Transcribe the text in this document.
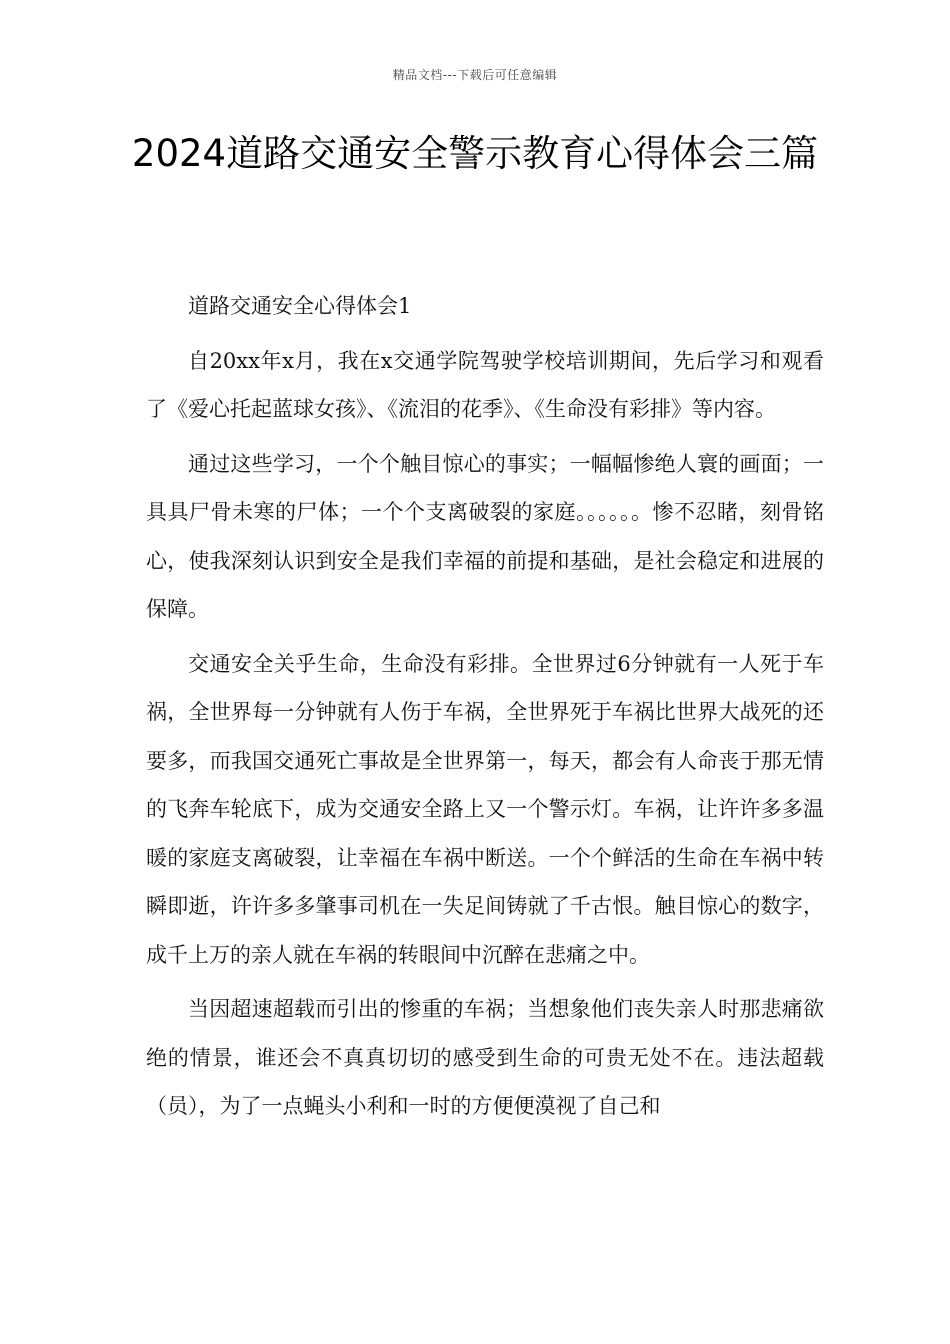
精品文档---下载后可任意编辑
2024道路交通安全警示教育心得体会三篇

道路交通安全心得体会1

自20xx年x月，我在x交通学院驾驶学校培训期间，先后学习和观看了《爱心托起蓝球女孩》、《流泪的花季》、《生命没有彩排》等内容。

通过这些学习，一个个触目惊心的事实；一幅幅惨绝人寰的画面；一具具尸骨未寒的尸体；一个个支离破裂的家庭。。。。。。惨不忍睹，刻骨铭心，使我深刻认识到安全是我们幸福的前提和基础，是社会稳定和进展的保障。

交通安全关乎生命，生命没有彩排。全世界过6分钟就有一人死于车祸，全世界每一分钟就有人伤于车祸，全世界死于车祸比世界大战死的还要多，而我国交通死亡事故是全世界第一，每天，都会有人命丧于那无情的飞奔车轮底下，成为交通安全路上又一个警示灯。车祸，让许许多多温暖的家庭支离破裂，让幸福在车祸中断送。一个个鲜活的生命在车祸中转瞬即逝，许许多多肇事司机在一失足间铸就了千古恨。触目惊心的数字，成千上万的亲人就在车祸的转眼间中沉醉在悲痛之中。

当因超速超载而引出的惨重的车祸；当想象他们丧失亲人时那悲痛欲绝的情景，谁还会不真真切切的感受到生命的可贵无处不在。违法超载（员），为了一点蝇头小利和一时的方便便漠视了自己和
